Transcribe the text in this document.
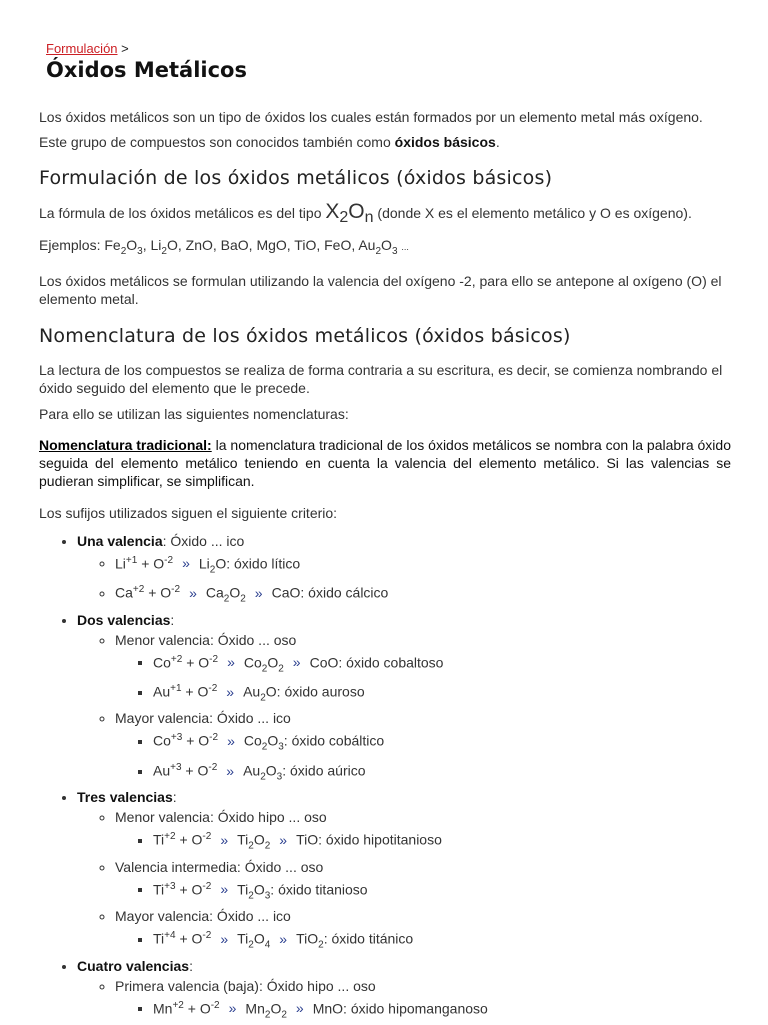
Formulación >
Óxidos Metálicos

Los óxidos metálicos son un tipo de óxidos los cuales están formados por un elemento metal más oxígeno.

Este grupo de compuestos son conocidos también como óxidos básicos.

Formulación de los óxidos metálicos (óxidos básicos)

La fórmula de los óxidos metálicos es del tipo $X_2O_n$ (donde X es el elemento metálico y O es oxígeno).

Ejemplos: $Fe_2O_3$, $Li_2O$, ZnO, BaO, MgO, TiO, FeO, $Au_2O_3$ ...

Los óxidos metálicos se formulan utilizando la valencia del oxígeno -2, para ello se antepone al oxígeno (O) el elemento metal.

Nomenclatura de los óxidos metálicos (óxidos básicos)

La lectura de los compuestos se realiza de forma contraria a su escritura, es decir, se comienza nombrando el óxido seguido del elemento que le precede.

Para ello se utilizan las siguientes nomenclaturas:

Nomenclatura tradicional: la nomenclatura tradicional de los óxidos metálicos se nombra con la palabra óxido seguida del elemento metálico teniendo en cuenta la valencia del elemento metálico. Si las valencias se pudieran simplificar, se simplifican.

Los sufijos utilizados siguen el siguiente criterio:

• Una valencia: Óxido ... ico
◦ $Li^{+1} + O^{-2}$ » $Li_2O$: óxido lítico
◦ $Ca^{+2} + O^{-2}$ » $Ca_2O_2$ » CaO: óxido cálcico
• Dos valencias:
◦ Menor valencia: Óxido ... oso
▪ $Co^{+2} + O^{-2}$ » $Co_2O_2$ » CoO: óxido cobaltoso
▪ $Au^{+1} + O^{-2}$ » $Au_2O$: óxido auroso
◦ Mayor valencia: Óxido ... ico
▪ $Co^{+3} + O^{-2}$ » $Co_2O_3$: óxido cobáltico
▪ $Au^{+3} + O^{-2}$ » $Au_2O_3$: óxido aúrico
• Tres valencias:
◦ Menor valencia: Óxido hipo ... oso
▪ $Ti^{+2} + O^{-2}$ » $Ti_2O_2$ » TiO: óxido hipotitanioso
◦ Valencia intermedia: Óxido ... oso
▪ $Ti^{+3} + O^{-2}$ » $Ti_2O_3$: óxido titanioso
◦ Mayor valencia: Óxido ... ico
▪ $Ti^{+4} + O^{-2}$ » $Ti_2O_4$ » TiO$_2$: óxido titánico
• Cuatro valencias:
◦ Primera valencia (baja): Óxido hipo ... oso
▪ $Mn^{+2} + O^{-2}$ » $Mn_2O_2$ » MnO: óxido hipomanganoso
